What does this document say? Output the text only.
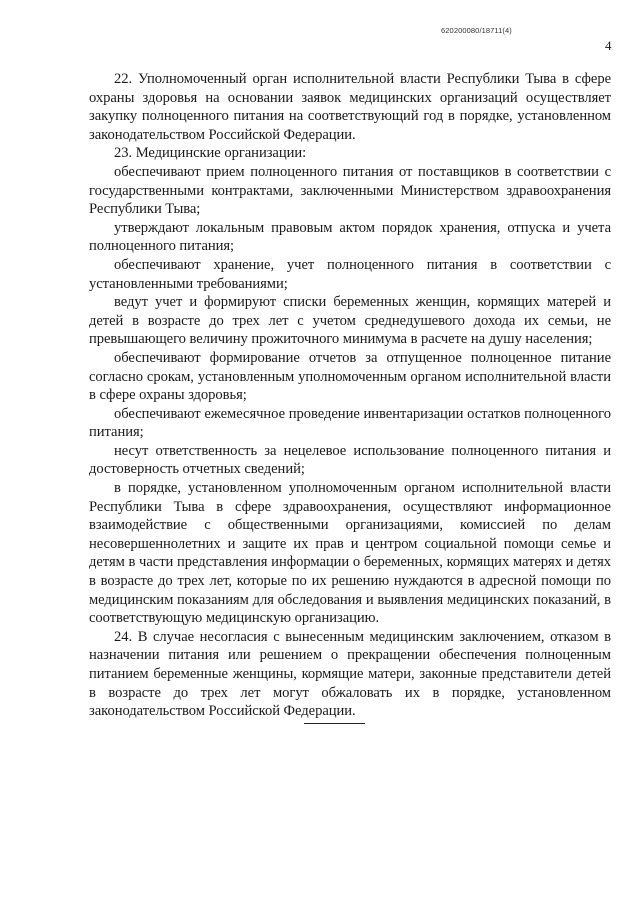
620200080/18711(4)
4

22. Уполномоченный орган исполнительной власти Республики Тыва в сфере охраны здоровья на основании заявок медицинских организаций осуществляет закупку полноценного питания на соответствующий год в порядке, установленном законодательством Российской Федерации.

23. Медицинские организации:

обеспечивают прием полноценного питания от поставщиков в соответствии с государственными контрактами, заключенными Министерством здравоохранения Республики Тыва;

утверждают локальным правовым актом порядок хранения, отпуска и учета полноценного питания;

обеспечивают хранение, учет полноценного питания в соответствии с установленными требованиями;

ведут учет и формируют списки беременных женщин, кормящих матерей и детей в возрасте до трех лет с учетом среднедушевого дохода их семьи, не превышающего величину прожиточного минимума в расчете на душу населения;

обеспечивают формирование отчетов за отпущенное полноценное питание согласно срокам, установленным уполномоченным органом исполнительной власти в сфере охраны здоровья;

обеспечивают ежемесячное проведение инвентаризации остатков полноценного питания;

несут ответственность за нецелевое использование полноценного питания и достоверность отчетных сведений;

в порядке, установленном уполномоченным органом исполнительной власти Республики Тыва в сфере здравоохранения, осуществляют информационное взаимодействие с общественными организациями, комиссией по делам несовершеннолетних и защите их прав и центром социальной помощи семье и детям в части представления информации о беременных, кормящих матерях и детях в возрасте до трех лет, которые по их решению нуждаются в адресной помощи по медицинским показаниям для обследования и выявления медицинских показаний, в соответствующую медицинскую организацию.

24. В случае несогласия с вынесенным медицинским заключением, отказом в назначении питания или решением о прекращении обеспечения полноценным питанием беременные женщины, кормящие матери, законные представители детей в возрасте до трех лет могут обжаловать их в порядке, установленном законодательством Российской Федерации.
